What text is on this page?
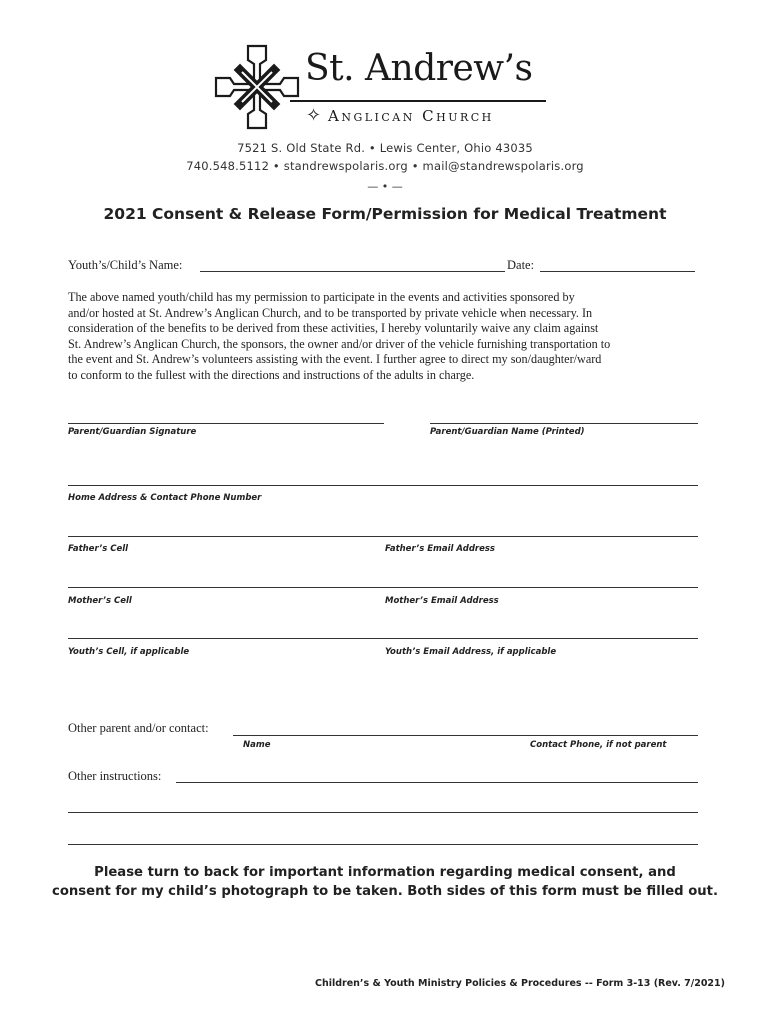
St. Andrew’s
✧ Anglican Church
7521 S. Old State Rd. • Lewis Center, Ohio 43035
740.548.5112 • standrewspolaris.org • mail@standrewspolaris.org
— • —
2021 Consent & Release Form/Permission for Medical Treatment
Youth’s/Child’s Name:	Date:
The above named youth/child has my permission to participate in the events and activities sponsored by
and/or hosted at St. Andrew’s Anglican Church, and to be transported by private vehicle when necessary. In
consideration of the benefits to be derived from these activities, I hereby voluntarily waive any claim against
St. Andrew’s Anglican Church, the sponsors, the owner and/or driver of the vehicle furnishing transportation to
the event and St. Andrew’s volunteers assisting with the event. I further agree to direct my son/daughter/ward
to conform to the fullest with the directions and instructions of the adults in charge.
Parent/Guardian Signature	Parent/Guardian Name (Printed)
Home Address & Contact Phone Number
Father’s Cell	Father’s Email Address
Mother’s Cell	Mother’s Email Address
Youth’s Cell, if applicable	Youth’s Email Address, if applicable
Other parent and/or contact:
Name	Contact Phone, if not parent
Other instructions:
Please turn to back for important information regarding medical consent, and
consent for my child’s photograph to be taken. Both sides of this form must be filled out.
Children’s & Youth Ministry Policies & Procedures -- Form 3-13 (Rev. 7/2021)
